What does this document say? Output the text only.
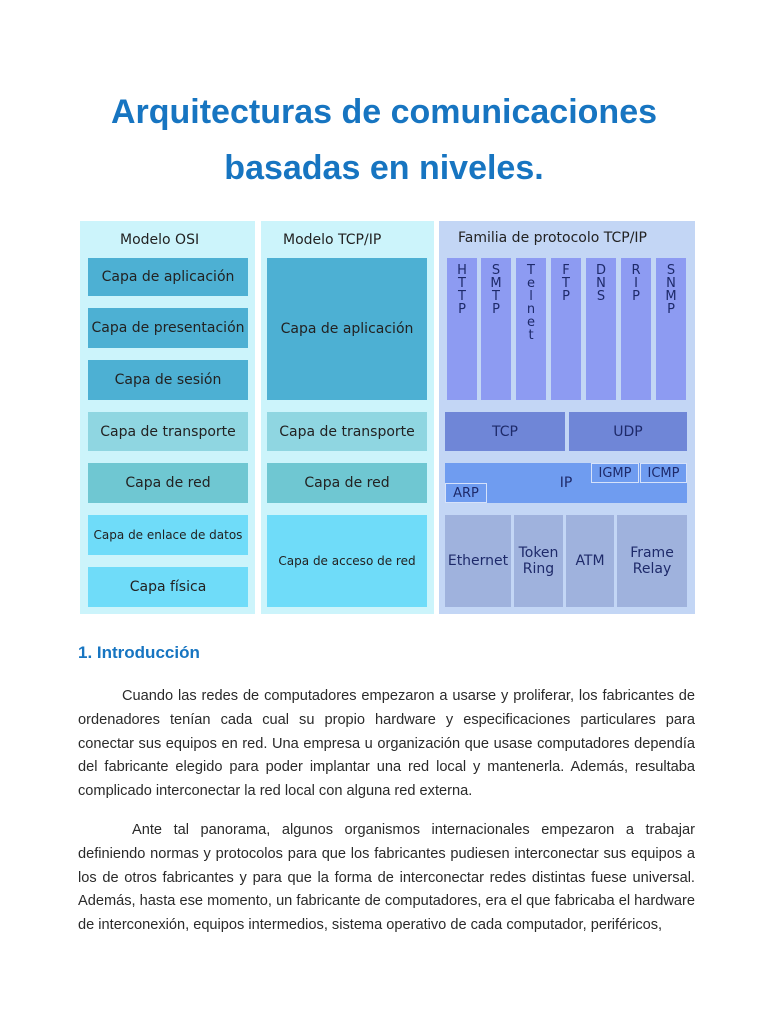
Arquitecturas de comunicaciones
basadas en niveles.
Modelo OSI	Modelo TCP/IP	Familia de protocolo TCP/IP
Capa de aplicación
Capa de presentación
Capa de sesión
Capa de transporte
Capa de red
Capa de enlace de datos
Capa física
Capa de aplicación
Capa de transporte
Capa de red
Capa de acceso de red
H
T
T
P
S
M
T
P
T
e
l
n
e
t
F
T
P
D
N
S
R
I
P
S
N
M
P
TCP	UDP
IP
IGMP	ICMP
ARP
Ethernet Token Ring	ATM	Frame Relay
1. Introducción

Cuando las redes de computadores empezaron a usarse y proliferar, los fabricantes de ordenadores tenían cada cual su propio hardware y especificaciones particulares para conectar sus equipos en red. Una empresa u organización que usase computadores dependía del fabricante elegido para poder implantar una red local y mantenerla. Además, resultaba complicado interconectar la red local con alguna red externa.

Ante tal panorama, algunos organismos internacionales empezaron a trabajar definiendo normas y protocolos para que los fabricantes pudiesen interconectar sus equipos a los de otros fabricantes y para que la forma de interconectar redes distintas fuese universal. Además, hasta ese momento, un fabricante de computadores, era el que fabricaba el hardware de interconexión, equipos intermedios, sistema operativo de cada computador, periféricos,
